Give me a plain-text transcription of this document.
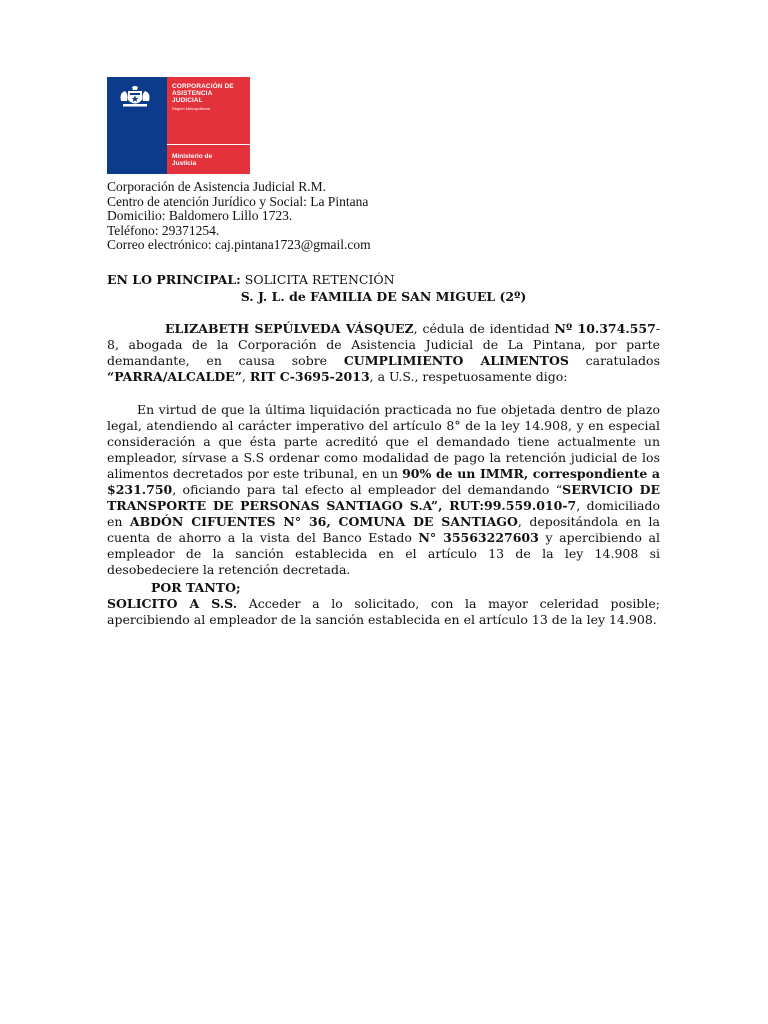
CORPORACIÓN DE
ASISTENCIA
JUDICIAL
Región Metropolitana
Ministerio de
Justicia
Corporación de Asistencia Judicial R.M.
Centro de atención Jurídico y Social: La Pintana
Domicilio: Baldomero Lillo 1723.
Teléfono: 29371254.
Correo electrónico: caj.pintana1723@gmail.com
EN LO PRINCIPAL: SOLICITA RETENCIÓN
S. J. L. de FAMILIA DE SAN MIGUEL (2º)

ELIZABETH SEPÚLVEDA VÁSQUEZ, cédula de identidad Nº 10.374.557-8, abogada de la Corporación de Asistencia Judicial de La Pintana, por parte demandante, en causa sobre CUMPLIMIENTO ALIMENTOS caratulados “PARRA/ALCALDE”, RIT C-3695-2013, a U.S., respetuosamente digo:

En virtud de que la última liquidación practicada no fue objetada dentro de plazo legal, atendiendo al carácter imperativo del artículo 8° de la ley 14.908, y en especial consideración a que ésta parte acreditó que el demandado tiene actualmente un empleador, sírvase a S.S ordenar como modalidad de pago la retención judicial de los alimentos decretados por este tribunal, en un 90% de un IMMR, correspondiente a $231.750, oficiando para tal efecto al empleador del demandando “SERVICIO DE TRANSPORTE DE PERSONAS SANTIAGO S.A”, RUT:99.559.010-7, domiciliado en ABDÓN CIFUENTES N° 36, COMUNA DE SANTIAGO, depositándola en la cuenta de ahorro a la vista del Banco Estado N° 35563227603 y apercibiendo al empleador de la sanción establecida en el artículo 13 de la ley 14.908 si desobedeciere la retención decretada.

POR TANTO;

SOLICITO A S.S. Acceder a lo solicitado, con la mayor celeridad posible; apercibiendo al empleador de la sanción establecida en el artículo 13 de la ley 14.908.
